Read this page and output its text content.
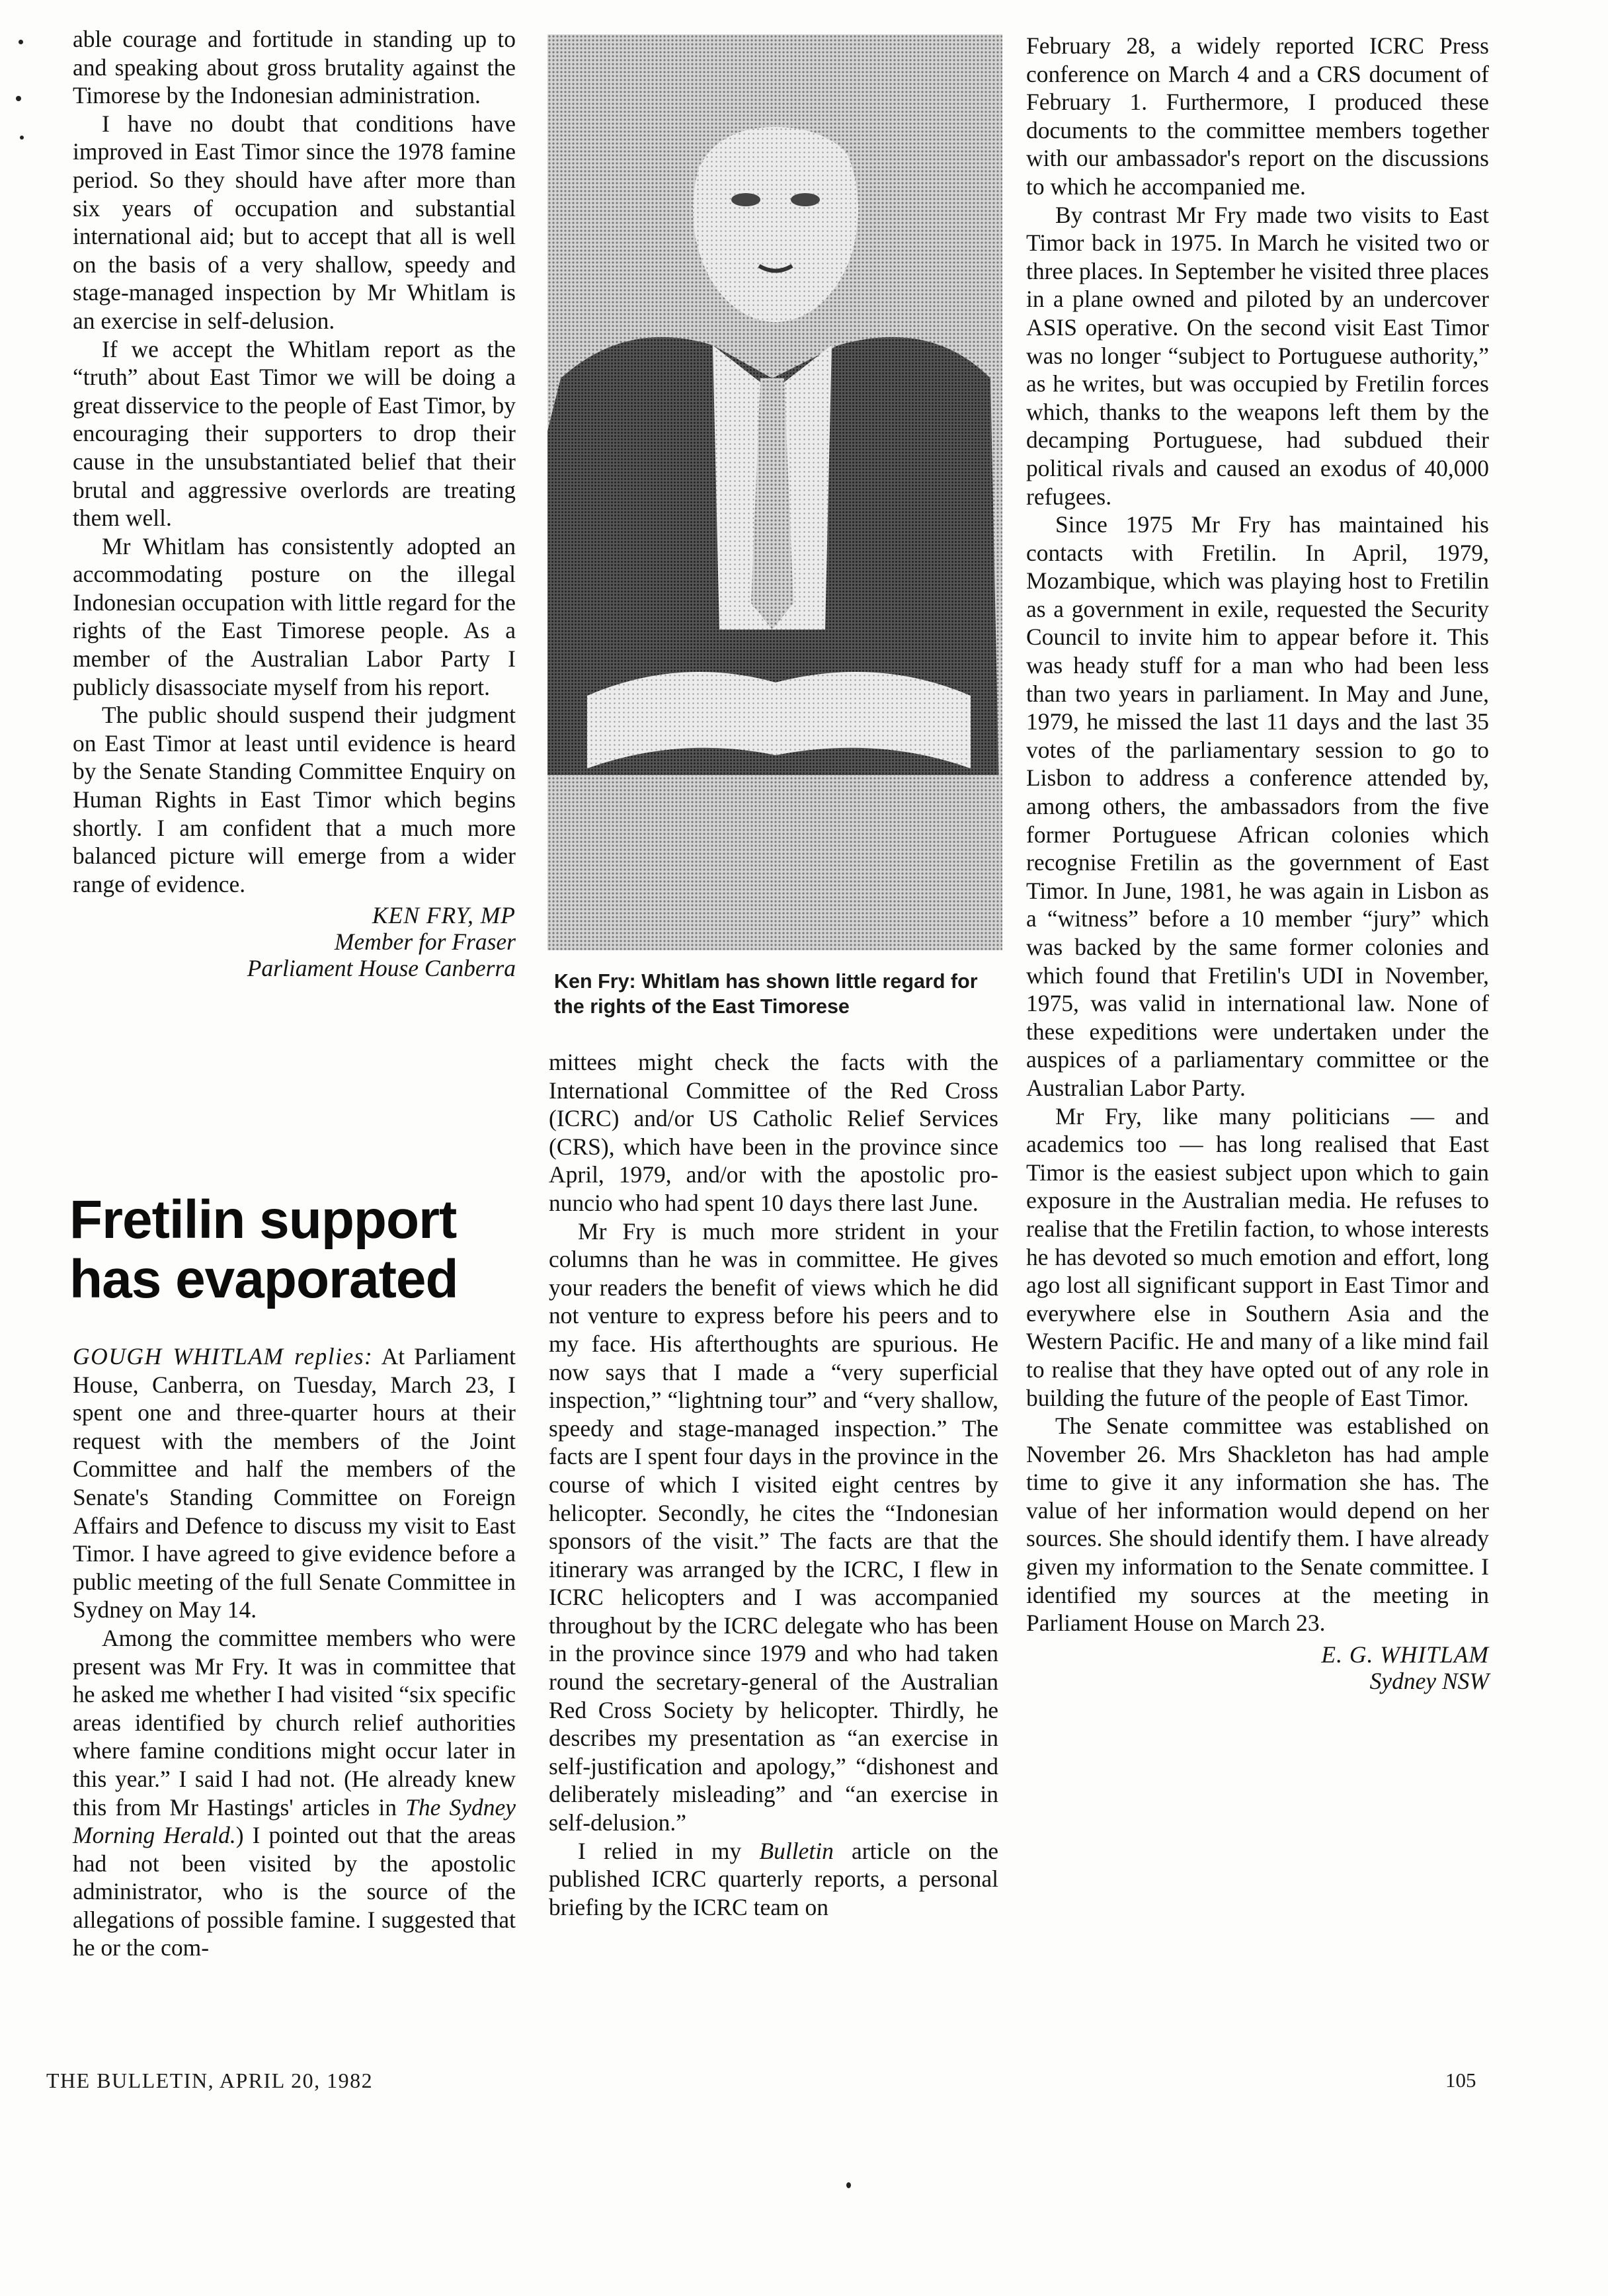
able courage and fortitude in standing up to and speaking about gross brutality against the Timorese by the Indonesian administration.

I have no doubt that conditions have improved in East Timor since the 1978 famine period. So they should have after more than six years of occupation and substantial international aid; but to accept that all is well on the basis of a very shallow, speedy and stage-managed inspection by Mr Whitlam is an exercise in self-delusion.

If we accept the Whitlam report as the “truth” about East Timor we will be doing a great disservice to the people of East Timor, by encouraging their supporters to drop their cause in the unsubstantiated belief that their brutal and aggressive overlords are treating them well.

Mr Whitlam has consistently adopted an accommodating posture on the illegal Indonesian occupation with little regard for the rights of the East Timorese people. As a member of the Australian Labor Party I publicly disassociate myself from his report.

The public should suspend their judgment on East Timor at least until evidence is heard by the Senate Standing Committee Enquiry on Human Rights in East Timor which begins shortly. I am confident that a much more balanced picture will emerge from a wider range of evidence.

KEN FRY, MP

Member for Fraser

Parliament House Canberra

Fretilin support
has evaporated

GOUGH WHITLAM replies: At Parliament House, Canberra, on Tuesday, March 23, I spent one and three-quarter hours at their request with the members of the Joint Committee and half the members of the Senate's Standing Committee on Foreign Affairs and Defence to discuss my visit to East Timor. I have agreed to give evidence before a public meeting of the full Senate Committee in Sydney on May 14.

Among the committee members who were present was Mr Fry. It was in committee that he asked me whether I had visited “six specific areas identified by church relief authorities where famine conditions might occur later in this year.” I said I had not. (He already knew this from Mr Hastings' articles in The Sydney Morning Herald.) I pointed out that the areas had not been visited by the apostolic administrator, who is the source of the allegations of possible famine. I suggested that he or the com-

Ken Fry: Whitlam has shown little regard for the rights of the East Timorese

mittees might check the facts with the International Committee of the Red Cross (ICRC) and/or US Catholic Relief Services (CRS), which have been in the province since April, 1979, and/or with the apostolic pro-nuncio who had spent 10 days there last June.

Mr Fry is much more strident in your columns than he was in committee. He gives your readers the benefit of views which he did not venture to express before his peers and to my face. His afterthoughts are spurious. He now says that I made a “very superficial inspection,” “lightning tour” and “very shallow, speedy and stage-managed inspection.” The facts are I spent four days in the province in the course of which I visited eight centres by helicopter. Secondly, he cites the “Indonesian sponsors of the visit.” The facts are that the itinerary was arranged by the ICRC, I flew in ICRC helicopters and I was accompanied throughout by the ICRC delegate who has been in the province since 1979 and who had taken round the secretary-general of the Australian Red Cross Society by helicopter. Thirdly, he describes my presentation as “an exercise in self-justification and apology,” “dishonest and deliberately misleading” and “an exercise in self-delusion.”

I relied in my Bulletin article on the published ICRC quarterly reports, a personal briefing by the ICRC team on

February 28, a widely reported ICRC Press conference on March 4 and a CRS document of February 1. Furthermore, I produced these documents to the committee members together with our ambassador's report on the discussions to which he accompanied me.

By contrast Mr Fry made two visits to East Timor back in 1975. In March he visited two or three places. In September he visited three places in a plane owned and piloted by an undercover ASIS operative. On the second visit East Timor was no longer “subject to Portuguese authority,” as he writes, but was occupied by Fretilin forces which, thanks to the weapons left them by the decamping Portuguese, had subdued their political rivals and caused an exodus of 40,000 refugees.

Since 1975 Mr Fry has maintained his contacts with Fretilin. In April, 1979, Mozambique, which was playing host to Fretilin as a government in exile, requested the Security Council to invite him to appear before it. This was heady stuff for a man who had been less than two years in parliament. In May and June, 1979, he missed the last 11 days and the last 35 votes of the parliamentary session to go to Lisbon to address a conference attended by, among others, the ambassadors from the five former Portuguese African colonies which recognise Fretilin as the government of East Timor. In June, 1981, he was again in Lisbon as a “witness” before a 10 member “jury” which was backed by the same former colonies and which found that Fretilin's UDI in November, 1975, was valid in international law. None of these expeditions were undertaken under the auspices of a parliamentary committee or the Australian Labor Party.

Mr Fry, like many politicians — and academics too — has long realised that East Timor is the easiest subject upon which to gain exposure in the Australian media. He refuses to realise that the Fretilin faction, to whose interests he has devoted so much emotion and effort, long ago lost all significant support in East Timor and everywhere else in Southern Asia and the Western Pacific. He and many of a like mind fail to realise that they have opted out of any role in building the future of the people of East Timor.

The Senate committee was established on November 26. Mrs Shackleton has had ample time to give it any information she has. The value of her information would depend on her sources. She should identify them. I have already given my information to the Senate committee. I identified my sources at the meeting in Parliament House on March 23.

E. G. WHITLAM

Sydney NSW

THE BULLETIN, APRIL 20, 1982	105
